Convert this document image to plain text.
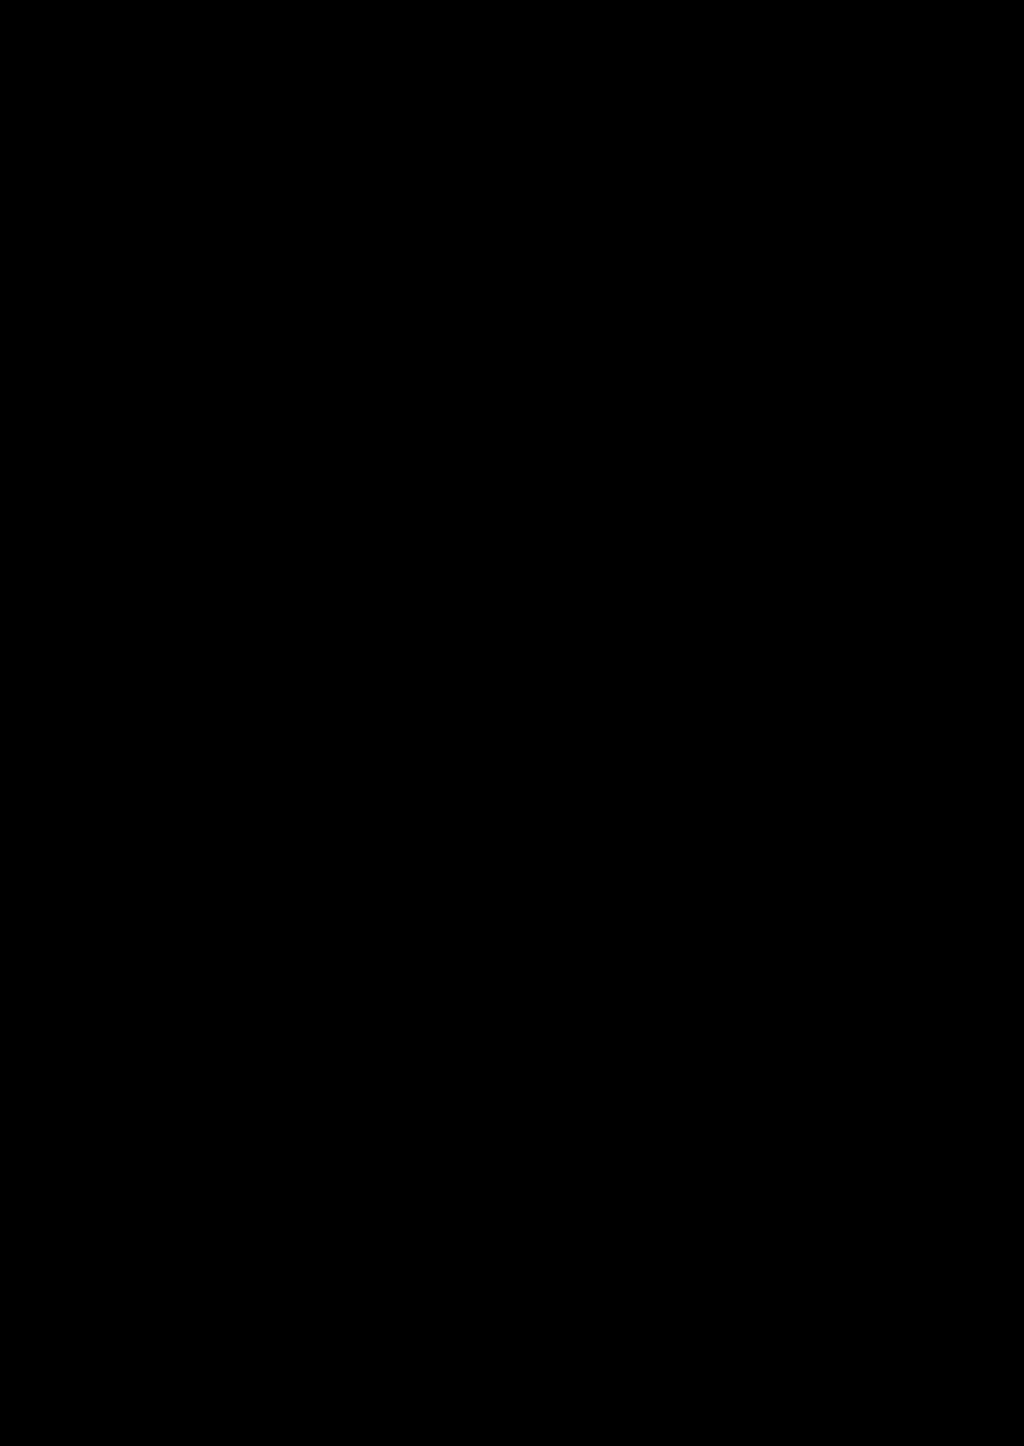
Załącznik nr 4 do Regulaminu
......................., dnia ........................... r.
(miejscowość)
OŚWIADCZENIE
Niniejszym oświadczamy, iż przed rozpoczęciem testu kwalifikacyjnego w ośrodku
szkolenia ........................., dnia ...................., Komisja egzaminacyjna wypełniła
obowiązek, o którym mowa w § 16 ust. 5 rozporządzenia Ministra Infrastruktury z dnia
1 kwietnia 2010 r. w sprawie szkolenia kierowców wykonujących przewóz drogowy (Dz. U.
z 2017 r., poz. 151).
Podpisy członków Komisji:
1. ............................................
2. ............................................
3. ............................................
